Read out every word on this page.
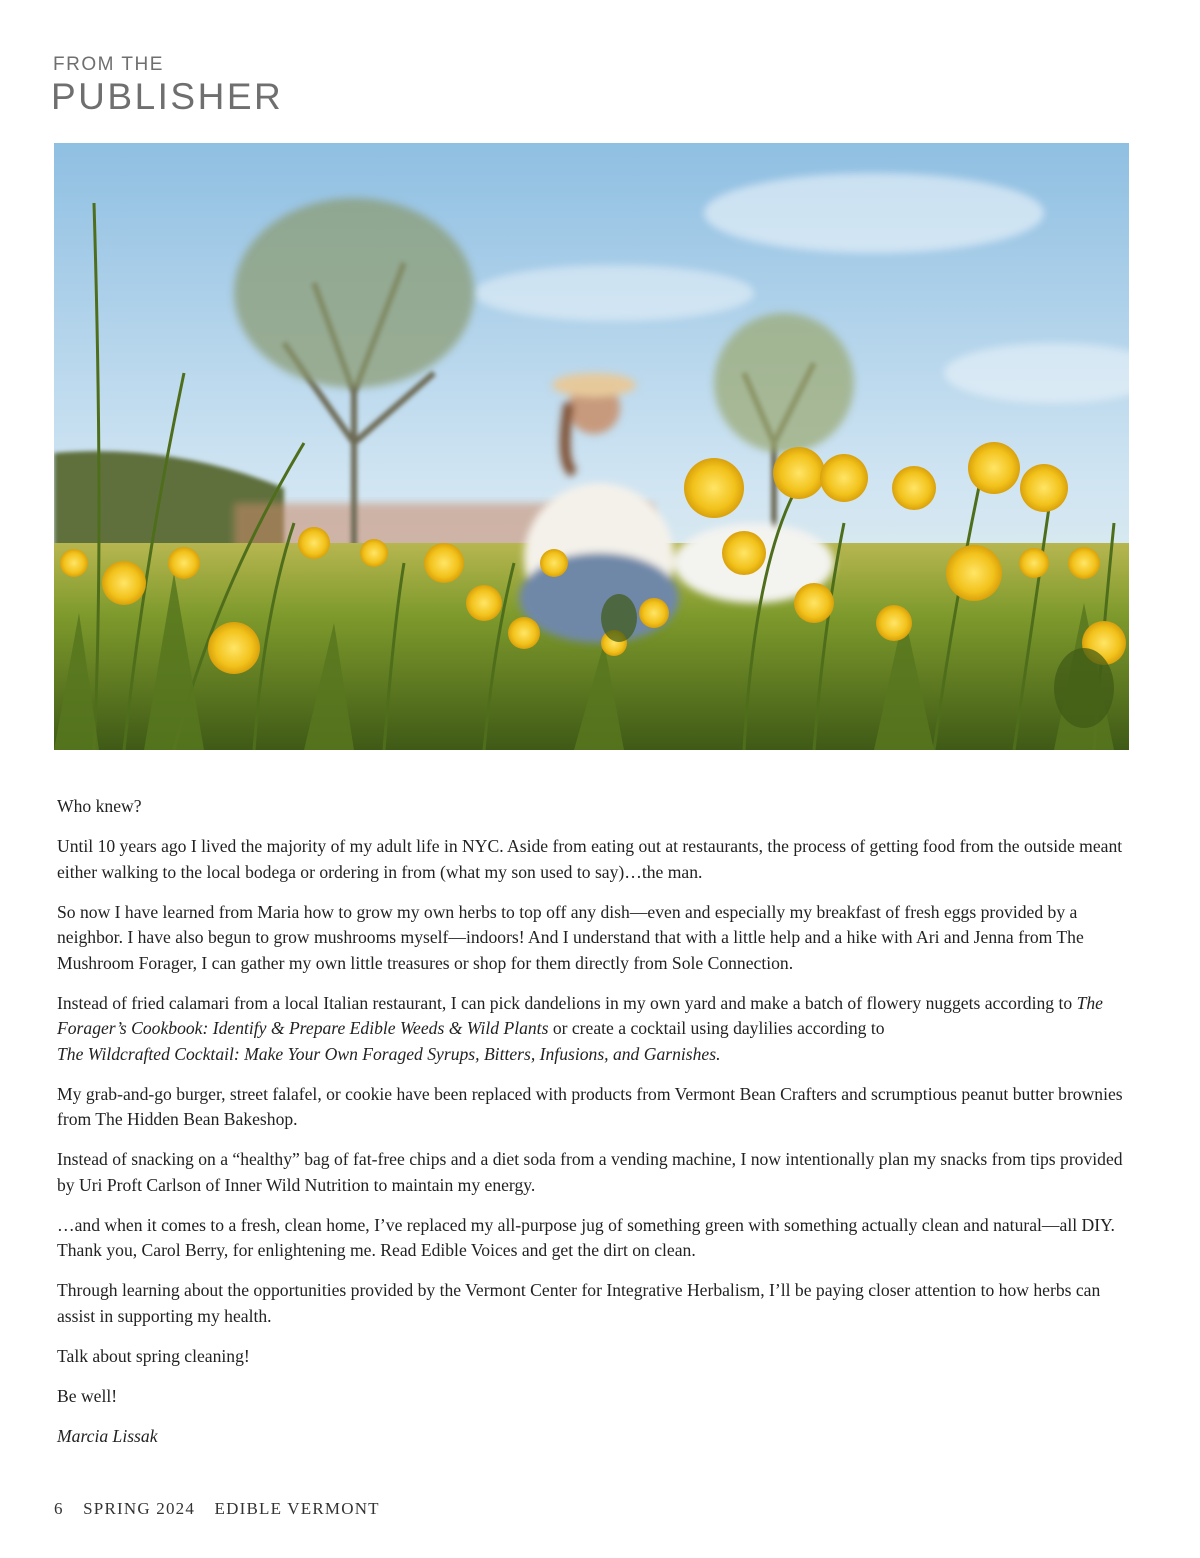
FROM THE
PUBLISHER

Who knew?

Until 10 years ago I lived the majority of my adult life in NYC. Aside from eating out at restaurants, the process of getting food from the outside meant either walking to the local bodega or ordering in from (what my son used to say)…the man.

So now I have learned from Maria how to grow my own herbs to top off any dish—even and especially my breakfast of fresh eggs provided by a neighbor. I have also begun to grow mushrooms myself—indoors! And I understand that with a little help and a hike with Ari and Jenna from The Mushroom Forager, I can gather my own little treasures or shop for them directly from Sole Connection.

Instead of fried calamari from a local Italian restaurant, I can pick dandelions in my own yard and make a batch of flowery nuggets according to The Forager’s Cookbook: Identify & Prepare Edible Weeds & Wild Plants or create a cocktail using daylilies according to
The Wildcrafted Cocktail: Make Your Own Foraged Syrups, Bitters, Infusions, and Garnishes.

My grab-and-go burger, street falafel, or cookie have been replaced with products from Vermont Bean Crafters and scrumptious peanut butter brownies from The Hidden Bean Bakeshop.

Instead of snacking on a “healthy” bag of fat-free chips and a diet soda from a vending machine, I now intentionally plan my snacks from tips provided by Uri Proft Carlson of Inner Wild Nutrition to maintain my energy.

…and when it comes to a fresh, clean home, I’ve replaced my all-purpose jug of something green with something actually clean and natural—all DIY. Thank you, Carol Berry, for enlightening me. Read Edible Voices and get the dirt on clean.

Through learning about the opportunities provided by the Vermont Center for Integrative Herbalism, I’ll be paying closer attention to how herbs can assist in supporting my health.

Talk about spring cleaning!

Be well!

Marcia Lissak

6 SPRING 2024 EDIBLE VERMONT
